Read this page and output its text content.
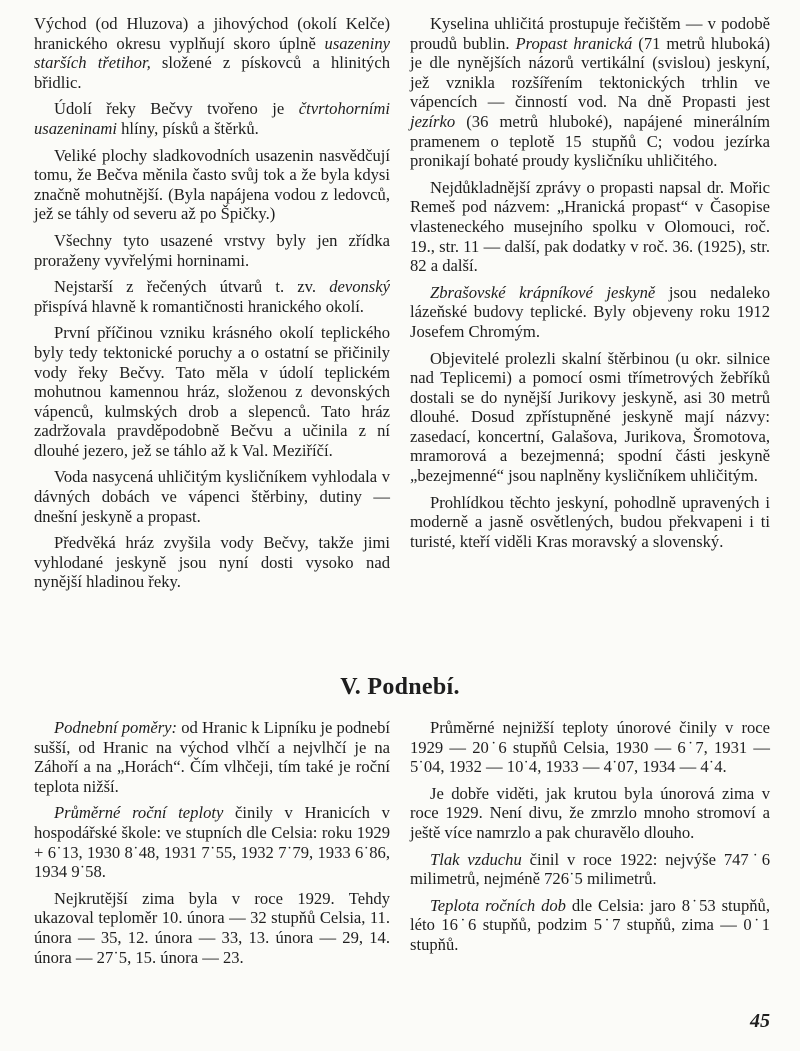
Východ (od Hluzova) a jihovýchod (okolí Kelče) hranického okresu vyplňují skoro úplně usazeniny starších třetihor, složené z pískovců a hlinitých břidlic.

Údolí řeky Bečvy tvořeno je čtvrtohorními usazeninami hlíny, písků a štěrků.

Veliké plochy sladkovodních usazenin nasvědčují tomu, že Bečva měnila často svůj tok a že byla kdysi značně mohutnější. (Byla napájena vodou z ledovců, jež se táhly od severu až po Špičky.)

Všechny tyto usazené vrstvy byly jen zřídka proraženy vyvřelými horninami.

Nejstarší z řečených útvarů t. zv. devonský přispívá hlavně k romantičnosti hranického okolí.

První příčinou vzniku krásného okolí teplického byly tedy tektonické poruchy a o ostatní se přičinily vody řeky Bečvy. Tato měla v údolí teplickém mohutnou kamennou hráz, složenou z devonských vápenců, kulmských drob a slepenců. Tato hráz zadržovala pravděpodobně Bečvu a učinila z ní dlouhé jezero, jež se táhlo až k Val. Meziříčí.

Voda nasycená uhličitým kysličníkem vyhlodala v dávných dobách ve vápenci štěrbiny, dutiny — dnešní jeskyně a propast.

Předvěká hráz zvyšila vody Bečvy, takže jimi vyhlodané jeskyně jsou nyní dosti vysoko nad nynější hladinou řeky.

Kyselina uhličitá prostupuje řečištěm — v podobě proudů bublin. Propast hranická (71 metrů hluboká) je dle nynějších názorů vertikální (svislou) jeskyní, jež vznikla rozšířením tektonických trhlin ve vápencích — činností vod. Na dně Propasti jest jezírko (36 metrů hluboké), napájené minerálním pramenem o teplotě 15 stupňů C; vodou jezírka pronikají bohaté proudy kysličníku uhličitého.

Nejdůkladnější zprávy o propasti napsal dr. Mořic Remeš pod názvem: „Hranická propast“ v Časopise vlasteneckého musejního spolku v Olomouci, roč. 19., str. 11 — další, pak dodatky v roč. 36. (1925), str. 82 a další.

Zbrašovské krápníkové jeskyně jsou nedaleko lázeňské budovy teplické. Byly objeveny roku 1912 Josefem Chromým.

Objevitelé prolezli skalní štěrbinou (u okr. silnice nad Teplicemi) a pomocí osmi třímetrových žebříků dostali se do nynější Jurikovy jeskyně, asi 30 metrů dlouhé. Dosud zpřístupněné jeskyně mají názvy: zasedací, koncertní, Galašova, Jurikova, Šromotova, mramorová a bezejmenná; spodní části jeskyně „bezejmenné“ jsou naplněny kysličníkem uhličitým.

Prohlídkou těchto jeskyní, pohodlně upravených i moderně a jasně osvětlených, budou překvapeni i ti turisté, kteří viděli Kras moravský a slovenský.

V. Podnebí.

Podnební poměry: od Hranic k Lipníku je podnebí sušší, od Hranic na východ vlhčí a nejvlhčí je na Záhoří a na „Horách“. Čím vlhčeji, tím také je roční teplota nižší.

Průměrné roční teploty činily v Hranicích v hospodářské škole: ve stupních dle Celsia: roku 1929 + 6˙13, 1930 8˙48, 1931 7˙55, 1932 7˙79, 1933 6˙86, 1934 9˙58.

Nejkrutější zima byla v roce 1929. Tehdy ukazoval teploměr 10. února — 32 stupňů Celsia, 11. února — 35, 12. února — 33, 13. února — 29, 14. února — 27˙5, 15. února — 23.

Průměrné nejnižší teploty únorové činily v roce 1929 — 20˙6 stupňů Celsia, 1930 — 6˙7, 1931 — 5˙04, 1932 — 10˙4, 1933 — 4˙07, 1934 — 4˙4.

Je dobře viděti, jak krutou byla únorová zima v roce 1929. Není divu, že zmrzlo mnoho stromoví a ještě více namrzlo a pak churavělo dlouho.

Tlak vzduchu činil v roce 1922: nejvýše 747˙6 milimetrů, nejméně 726˙5 milimetrů.

Teplota ročních dob dle Celsia: jaro 8˙53 stupňů, léto 16˙6 stupňů, podzim 5˙7 stupňů, zima — 0˙1 stupňů.

45
